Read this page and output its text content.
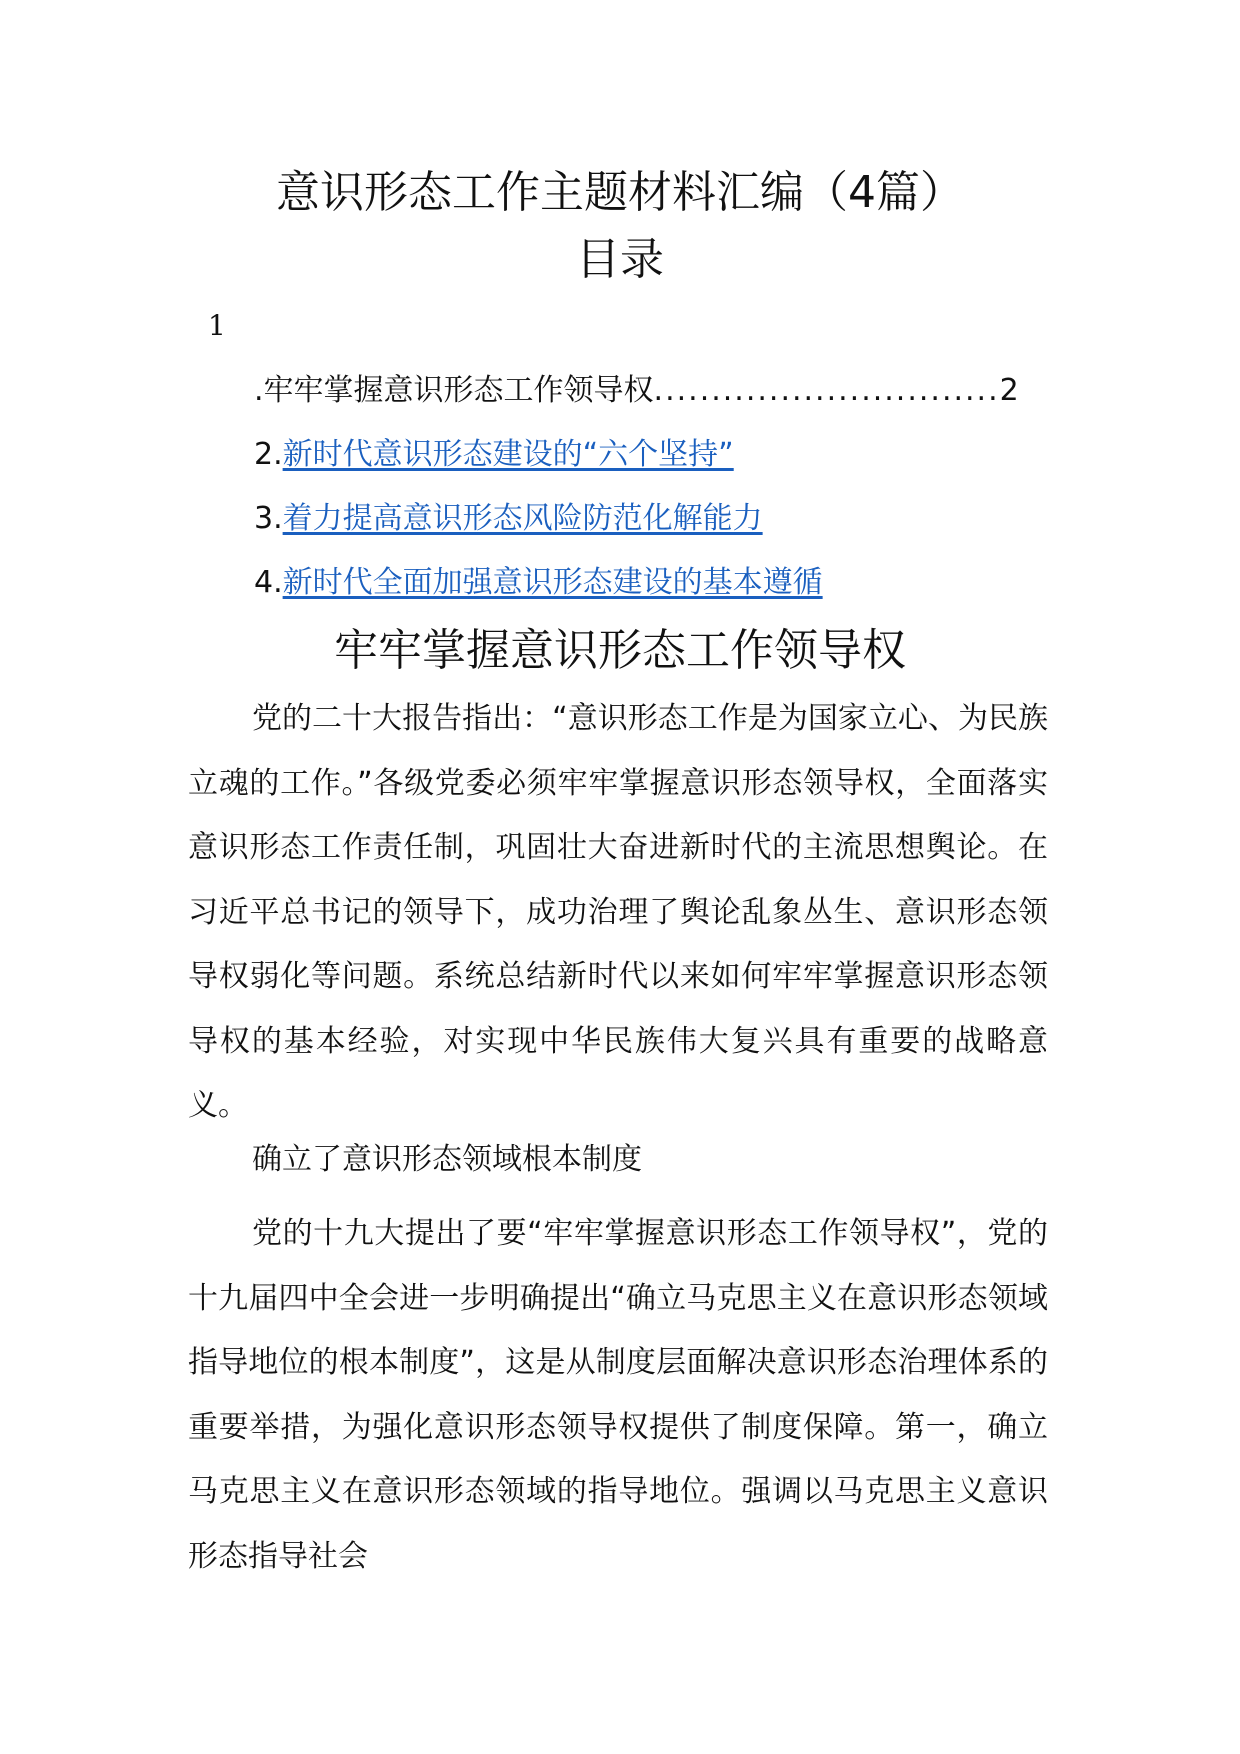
意识形态工作主题材料汇编（4篇）
目录
1
.牢牢掌握意识形态工作领导权..............................2
2.新时代意识形态建设的“六个坚持”
3.着力提高意识形态风险防范化解能力
4.新时代全面加强意识形态建设的基本遵循
牢牢掌握意识形态工作领导权

党的二十大报告指出：“意识形态工作是为国家立心、为民族立魂的工作。”各级党委必须牢牢掌握意识形态领导权，全面落实意识形态工作责任制，巩固壮大奋进新时代的主流思想舆论。在习近平总书记的领导下，成功治理了舆论乱象丛生、意识形态领导权弱化等问题。系统总结新时代以来如何牢牢掌握意识形态领导权的基本经验，对实现中华民族伟大复兴具有重要的战略意义。

确立了意识形态领域根本制度

党的十九大提出了要“牢牢掌握意识形态工作领导权”，党的十九届四中全会进一步明确提出“确立马克思主义在意识形态领域指导地位的根本制度”，这是从制度层面解决意识形态治理体系的重要举措，为强化意识形态领导权提供了制度保障。第一，确立马克思主义在意识形态领域的指导地位。强调以马克思主义意识形态指导社会
